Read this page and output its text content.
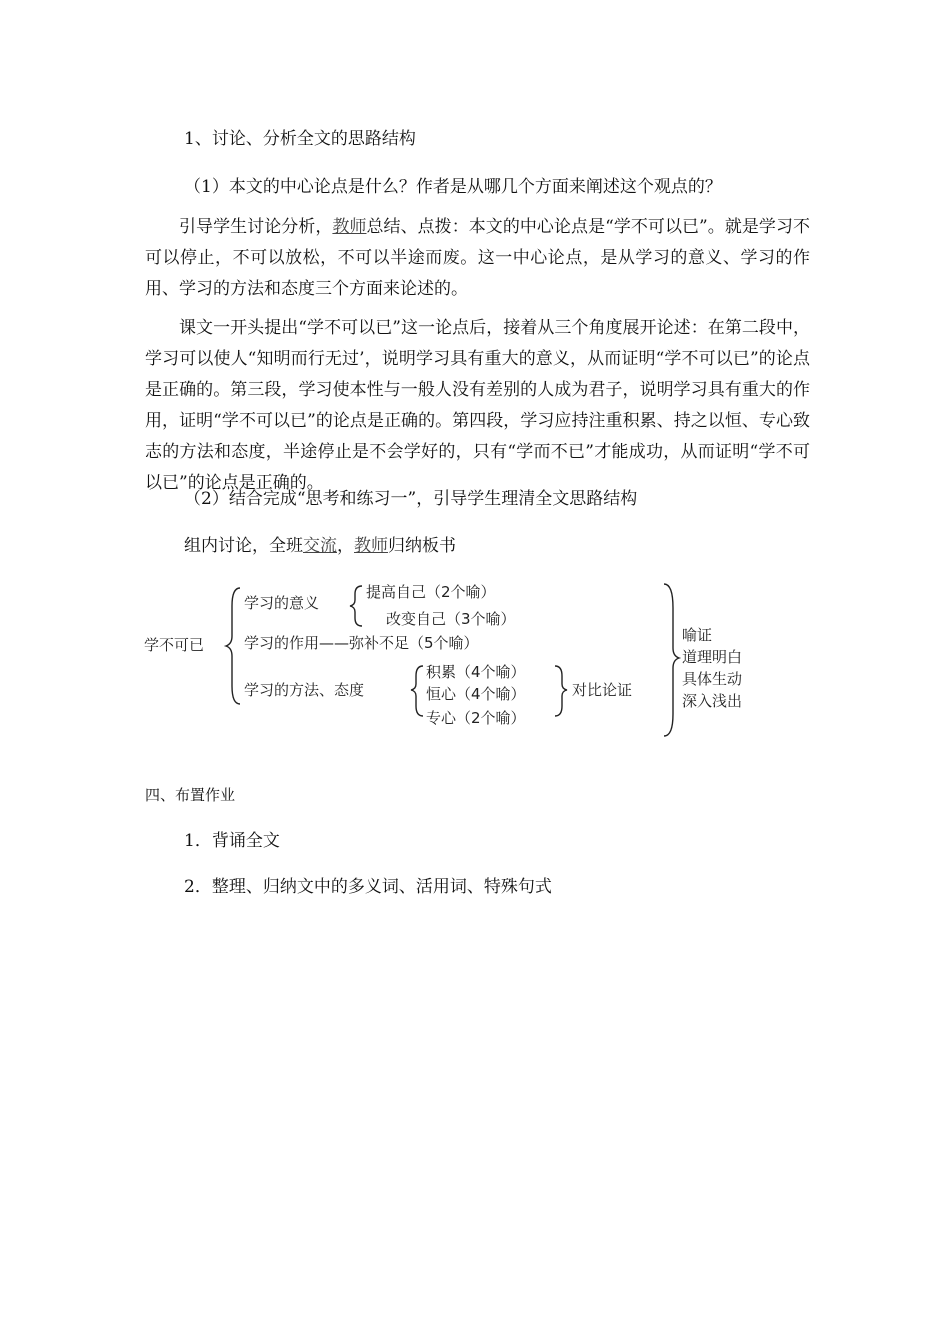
1、讨论、分析全文的思路结构

（1）本文的中心论点是什么？作者是从哪几个方面来阐述这个观点的？

引导学生讨论分析，教师总结、点拨：本文的中心论点是“学不可以已”。就是学习不可以停止，不可以放松，不可以半途而废。这一中心论点，是从学习的意义、学习的作用、学习的方法和态度三个方面来论述的。

课文一开头提出“学不可以已”这一论点后，接着从三个角度展开论述：在第二段中，学习可以使人“知明而行无过’，说明学习具有重大的意义，从而证明“学不可以已”的论点是正确的。第三段，学习使本性与一般人没有差别的人成为君子，说明学习具有重大的作用，证明“学不可以已”的论点是正确的。第四段，学习应持注重积累、持之以恒、专心致志的方法和态度，半途停止是不会学好的，只有“学而不已”才能成功，从而证明“学不可以已”的论点是正确的。

（2）结合完成“思考和练习一”，引导学生理清全文思路结构

组内讨论，全班交流，教师归纳板书

学不可已
学习的意义
提高自己（2个喻）
改变自己（3个喻）
学习的作用——弥补不足（5个喻）
学习的方法、态度
积累（4个喻）
恒心（4个喻）
专心（2个喻）
对比论证
喻证
道理明白
具体生动
深入浅出

四、布置作业

1．背诵全文

2．整理、归纳文中的多义词、活用词、特殊句式
